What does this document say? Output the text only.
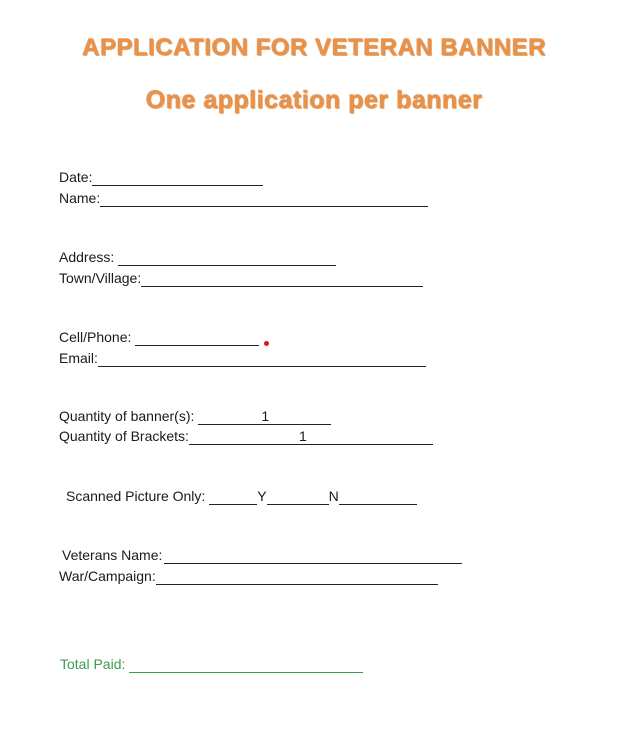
APPLICATION FOR VETERAN BANNER
One application per banner
Date:
Name:
Address:
Town/Village:
Cell/Phone:
Email:
Quantity of banner(s):	1
Quantity of Brackets:	1
Scanned Picture Only:	Y	N
Veterans Name:
War/Campaign:
Total Paid:
